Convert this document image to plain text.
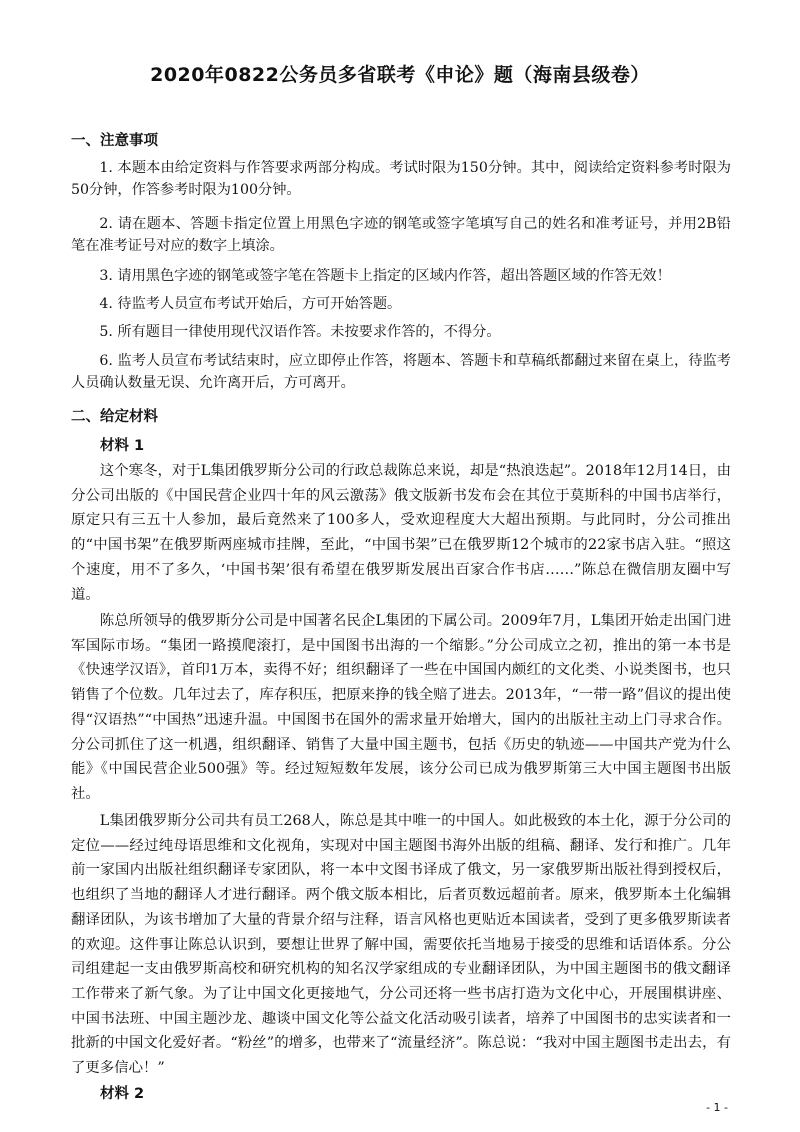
2020年0822公务员多省联考《申论》题（海南县级卷）
一、注意事项

1. 本题本由给定资料与作答要求两部分构成。考试时限为150分钟。其中，阅读给定资料参考时限为50分钟，作答参考时限为100分钟。

2. 请在题本、答题卡指定位置上用黑色字迹的钢笔或签字笔填写自己的姓名和准考证号，并用2B铅笔在准考证号对应的数字上填涂。

3. 请用黑色字迹的钢笔或签字笔在答题卡上指定的区域内作答，超出答题区域的作答无效！

4. 待监考人员宣布考试开始后，方可开始答题。

5. 所有题目一律使用现代汉语作答。未按要求作答的，不得分。

6. 监考人员宣布考试结束时，应立即停止作答，将题本、答题卡和草稿纸都翻过来留在桌上，待监考人员确认数量无误、允许离开后，方可离开。

二、给定材料
材料 1

这个寒冬，对于L集团俄罗斯分公司的行政总裁陈总来说，却是“热浪迭起”。2018年12月14日，由分公司出版的《中国民营企业四十年的风云激荡》俄文版新书发布会在其位于莫斯科的中国书店举行，原定只有三五十人参加，最后竟然来了100多人，受欢迎程度大大超出预期。与此同时，分公司推出的“中国书架”在俄罗斯两座城市挂牌，至此，“中国书架”已在俄罗斯12个城市的22家书店入驻。“照这个速度，用不了多久，‘中国书架’很有希望在俄罗斯发展出百家合作书店……”陈总在微信朋友圈中写道。

陈总所领导的俄罗斯分公司是中国著名民企L集团的下属公司。2009年7月，L集团开始走出国门进军国际市场。“集团一路摸爬滚打，是中国图书出海的一个缩影。”分公司成立之初，推出的第一本书是《快速学汉语》，首印1万本，卖得不好；组织翻译了一些在中国国内颇红的文化类、小说类图书，也只销售了个位数。几年过去了，库存积压，把原来挣的钱全赔了进去。2013年，“一带一路”倡议的提出使得“汉语热”“中国热”迅速升温。中国图书在国外的需求量开始增大，国内的出版社主动上门寻求合作。分公司抓住了这一机遇，组织翻译、销售了大量中国主题书，包括《历史的轨迹——中国共产党为什么能》《中国民营企业500强》等。经过短短数年发展，该分公司已成为俄罗斯第三大中国主题图书出版社。

L集团俄罗斯分公司共有员工268人，陈总是其中唯一的中国人。如此极致的本土化，源于分公司的定位——经过纯母语思维和文化视角，实现对中国主题图书海外出版的组稿、翻译、发行和推广。几年前一家国内出版社组织翻译专家团队，将一本中文图书译成了俄文，另一家俄罗斯出版社得到授权后，也组织了当地的翻译人才进行翻译。两个俄文版本相比，后者页数远超前者。原来，俄罗斯本土化编辑翻译团队，为该书增加了大量的背景介绍与注释，语言风格也更贴近本国读者，受到了更多俄罗斯读者的欢迎。这件事让陈总认识到，要想让世界了解中国，需要依托当地易于接受的思维和话语体系。分公司组建起一支由俄罗斯高校和研究机构的知名汉学家组成的专业翻译团队，为中国主题图书的俄文翻译工作带来了新气象。为了让中国文化更接地气，分公司还将一些书店打造为文化中心，开展围棋讲座、中国书法班、中国主题沙龙、趣谈中国文化等公益文化活动吸引读者，培养了中国图书的忠实读者和一批新的中国文化爱好者。“粉丝”的增多，也带来了“流量经济”。陈总说：“我对中国主题图书走出去，有了更多信心！”

材料 2
- 1 -
